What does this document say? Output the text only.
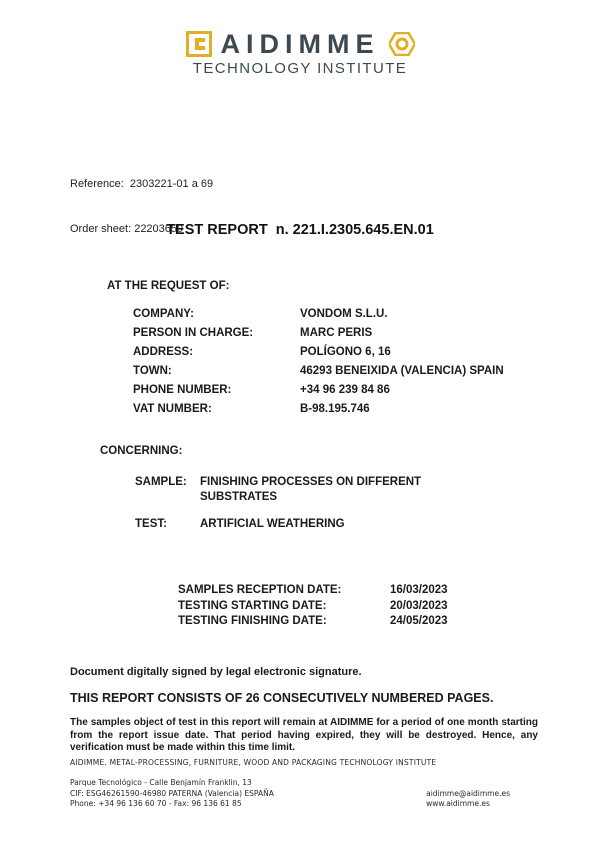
AIDIMME
TECHNOLOGY INSTITUTE

Reference:  2303221-01 a 69

Order sheet: 22203659

TEST REPORT  n. 221.I.2305.645.EN.01
AT THE REQUEST OF:
COMPANY:	VONDOM S.L.U.
PERSON IN CHARGE:	MARC PERIS
ADDRESS:	POLÍGONO 6, 16
TOWN:	46293 BENEIXIDA (VALENCIA) SPAIN
PHONE NUMBER:	+34 96 239 84 86
VAT NUMBER:	B-98.195.746
CONCERNING:
SAMPLE:	FINISHING PROCESSES ON DIFFERENT SUBSTRATES
TEST:	ARTIFICIAL WEATHERING
SAMPLES RECEPTION DATE:	16/03/2023
TESTING STARTING DATE:	20/03/2023
TESTING FINISHING DATE:	24/05/2023
Document digitally signed by legal electronic signature.
THIS REPORT CONSISTS OF 26 CONSECUTIVELY NUMBERED PAGES.
The samples object of test in this report will remain at AIDIMME for a period of one month starting from the report issue date. That period having expired, they will be destroyed. Hence, any verification must be made within this time limit.
AIDIMME. METAL-PROCESSING, FURNITURE, WOOD AND PACKAGING TECHNOLOGY INSTITUTE
Parque Tecnológico - Calle Benjamín Franklin, 13
CIF: ESG46261590-46980 PATERNA (Valencia) ESPAÑA
Phone: +34 96 136 60 70 - Fax: 96 136 61 85
aidimme@aidimme.es
www.aidimme.es
